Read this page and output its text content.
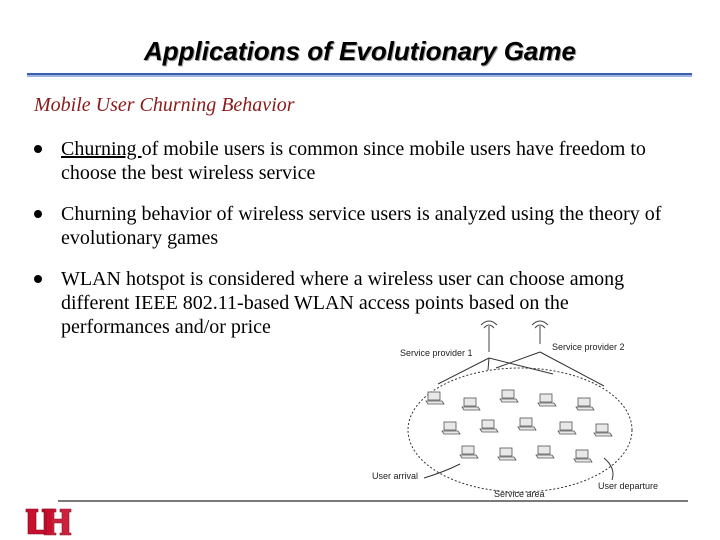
Applications of Evolutionary Game
Mobile User Churning Behavior
Churning of mobile users is common since mobile users have freedom to choose the best wireless service
Churning behavior of wireless service users is analyzed using the theory of evolutionary games
WLAN hotspot is considered where a wireless user can choose among different IEEE 802.11-based WLAN access points based on the performances and/or price
Service provider 1
Service provider 2
User arrival
User departure
Service area
